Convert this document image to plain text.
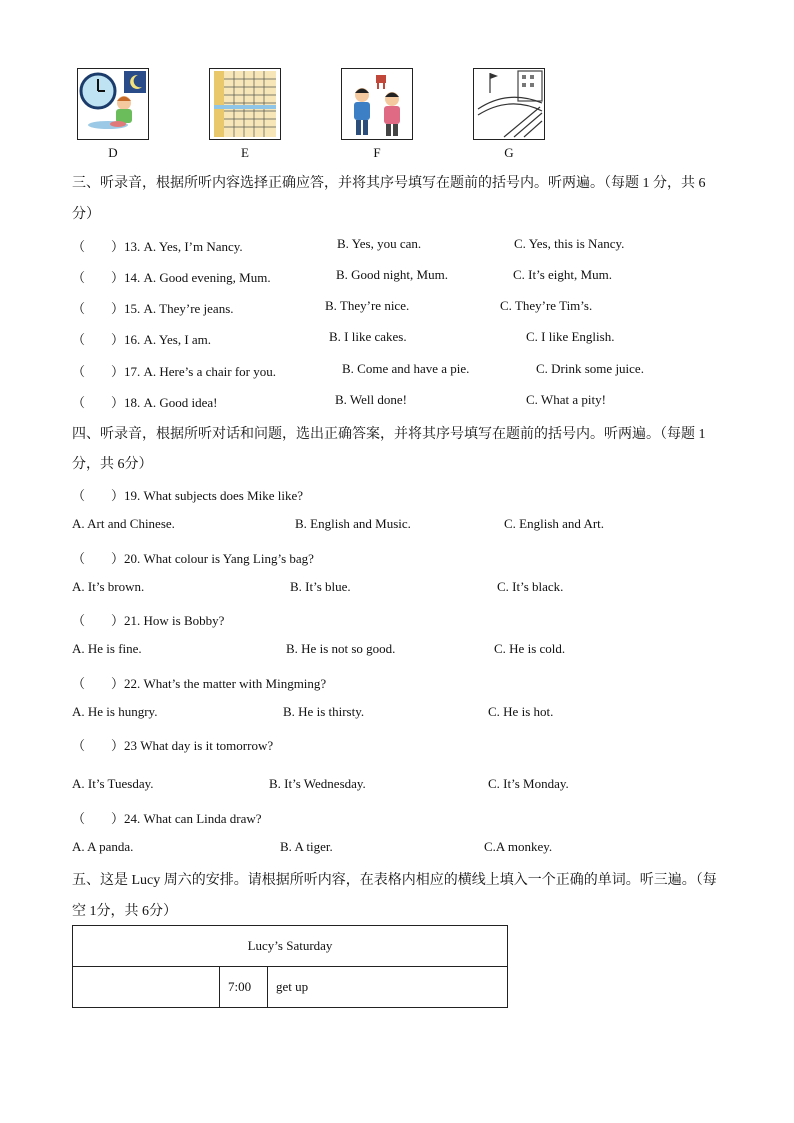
D	E	F	G
三、听录音，根据所听内容选择正确应答，并将其序号填写在题前的括号内。听两遍。（每题 1 分，共 6
分）
（　　）13. A. Yes, I’m Nancy.	B. Yes, you can.	C. Yes, this is Nancy.
（　　）14. A. Good evening, Mum.	B. Good night, Mum.	C. It’s eight, Mum.
（　　）15. A. They’re jeans.	B. They’re nice.	C. They’re Tim’s.
（　　）16. A. Yes, I am.	B. I like cakes.	C. I like English.
（　　）17. A. Here’s a chair for you.	B. Come and have a pie.	C. Drink some juice.
（　　）18. A. Good idea!	B. Well done!	C. What a pity!
四、听录音，根据所听对话和问题，选出正确答案，并将其序号填写在题前的括号内。听两遍。（每题 1
分，共 6分）
（　　）19. What subjects does Mike like?
A. Art and Chinese.	B. English and Music.	C. English and Art.
（　　）20. What colour is Yang Ling’s bag?
A. It’s brown.	B. It’s blue.	C. It’s black.
（　　）21. How is Bobby?
A. He is fine.	B. He is not so good.	C. He is cold.
（　　）22. What’s the matter with Mingming?
A. He is hungry.	B. He is thirsty.	C. He is hot.
（　　）23 What day is it tomorrow?
A. It’s Tuesday.	B. It’s Wednesday.	C. It’s Monday.
（　　）24. What can Linda draw?
A. A panda.	B. A tiger.	C.A monkey.
五、这是 Lucy 周六的安排。请根据所听内容，在表格内相应的横线上填入一个正确的单词。听三遍。（每
空 1分，共 6分）
Lucy’s Saturday
	7:00	get up
